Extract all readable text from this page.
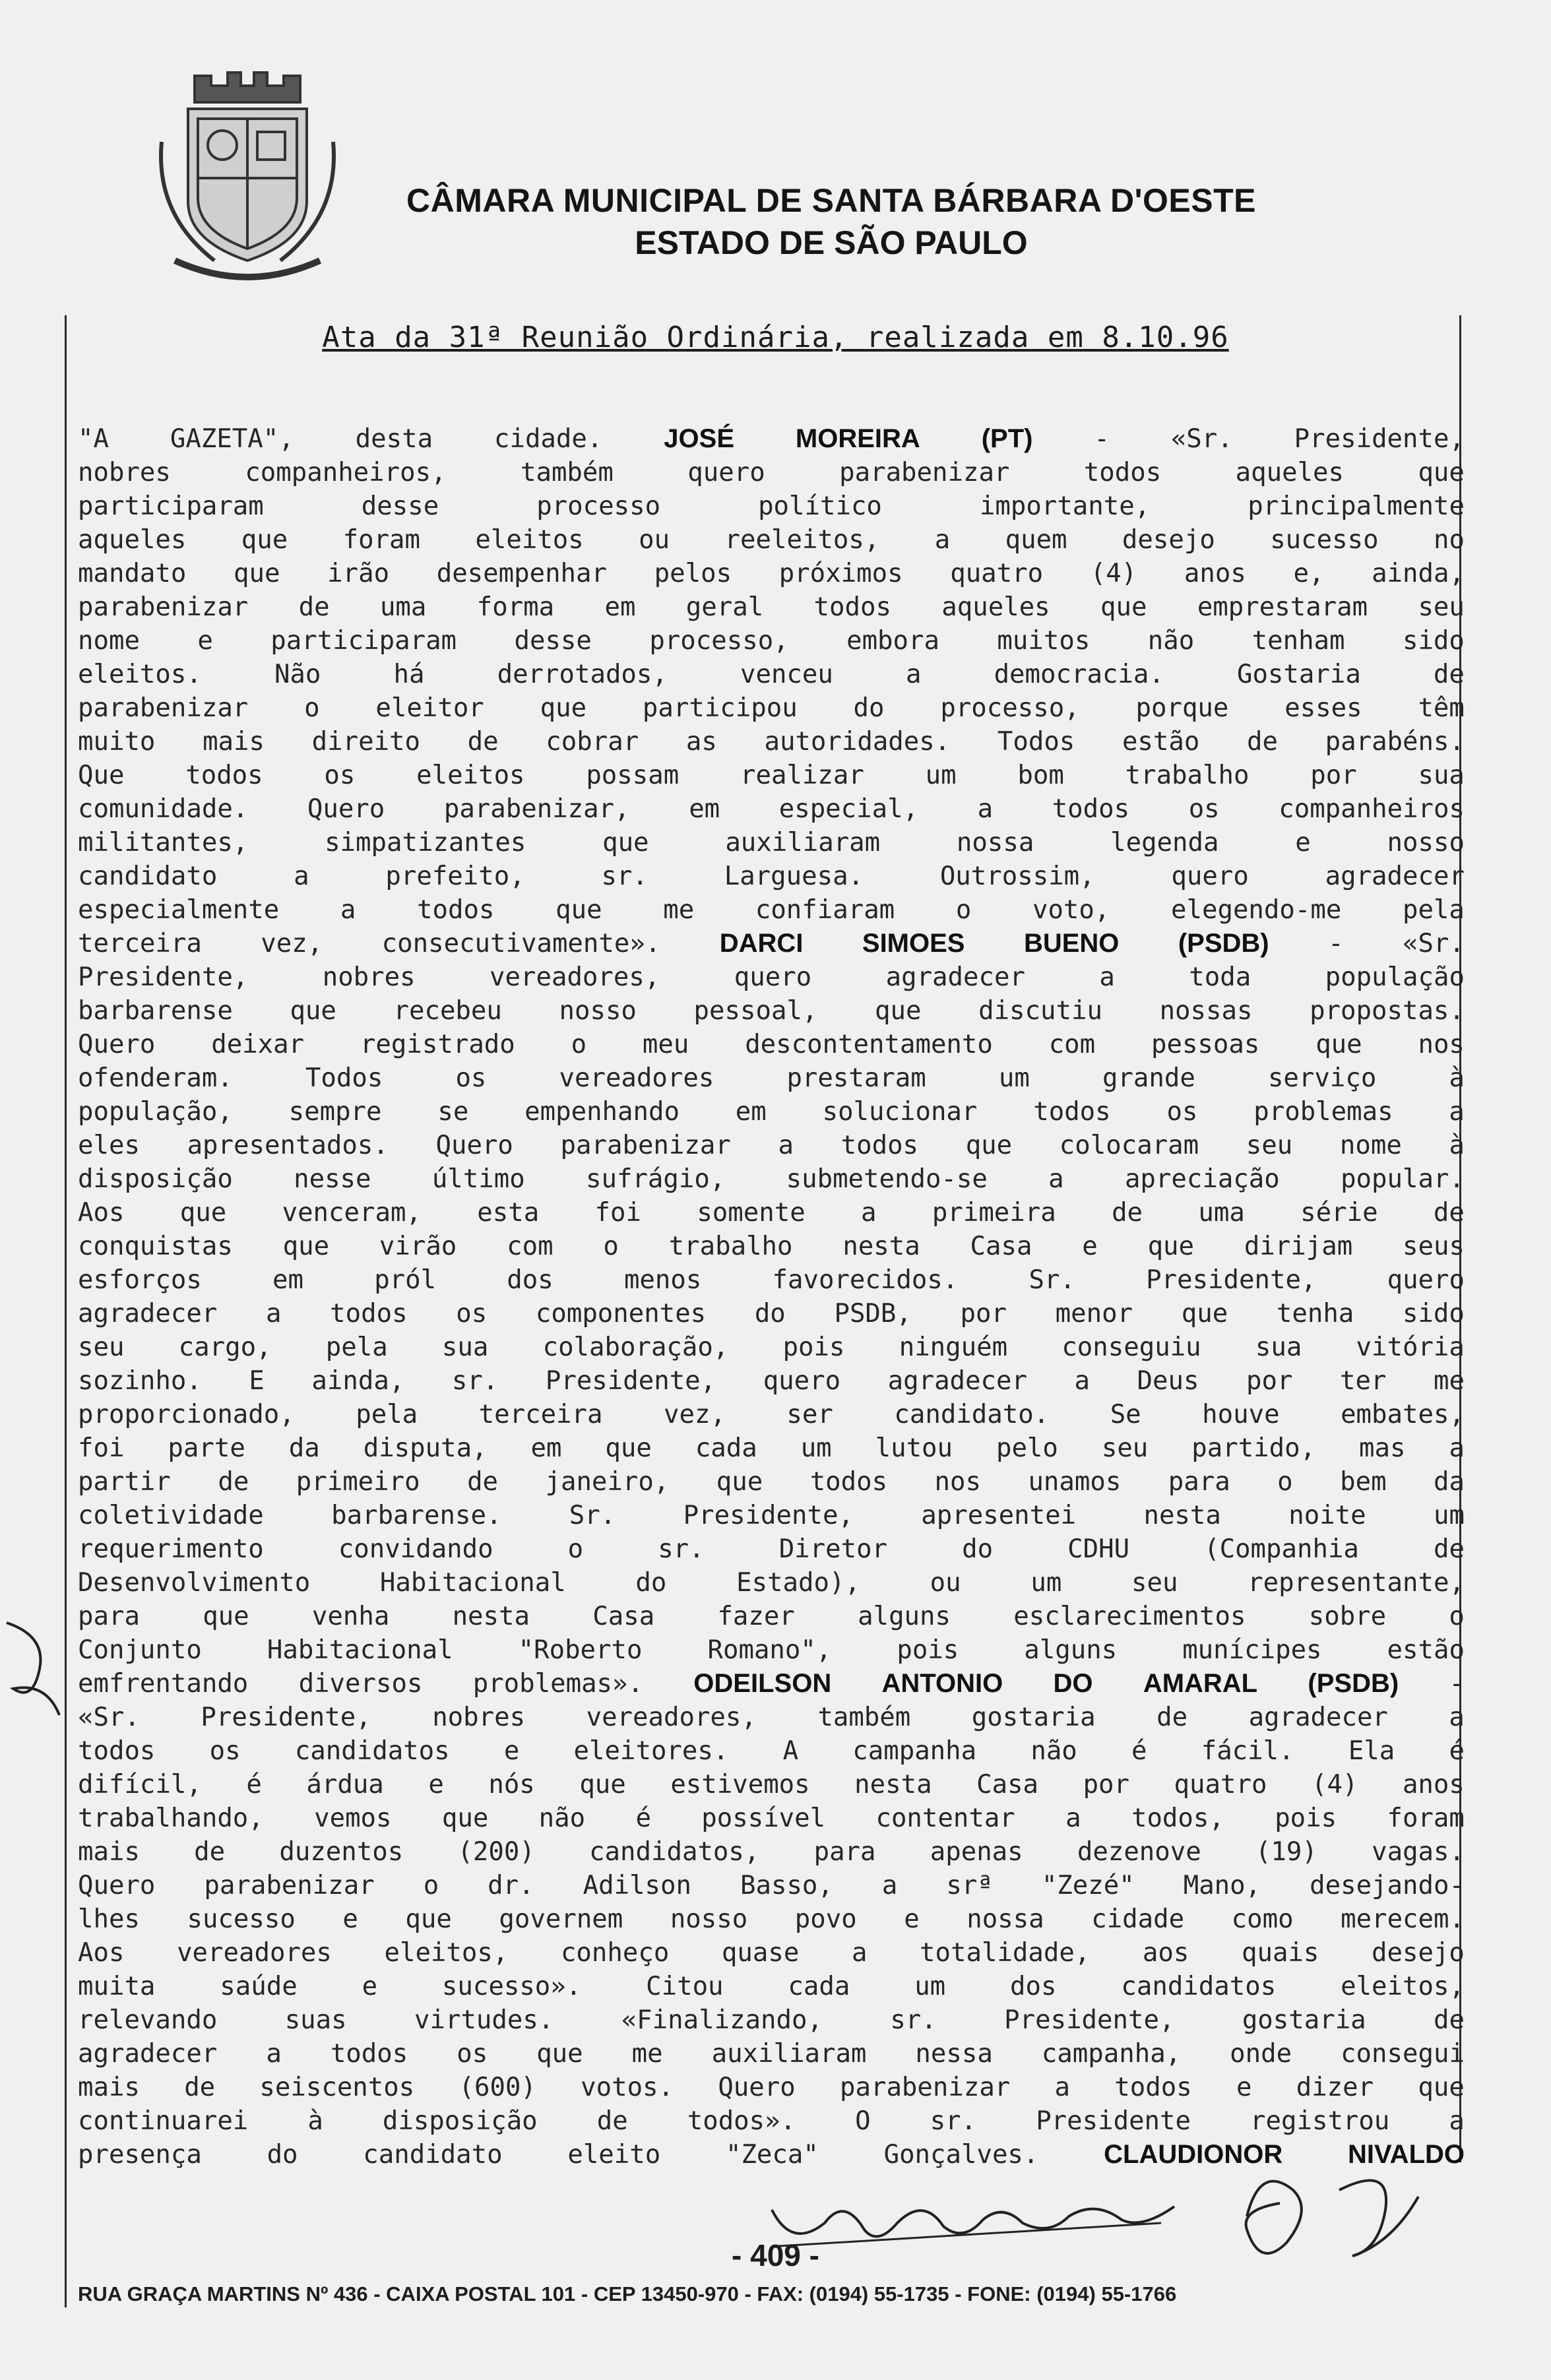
CÂMARA MUNICIPAL DE SANTA BÁRBARA D'OESTE
ESTADO DE SÃO PAULO
Ata da 31ª Reunião Ordinária, realizada em 8.10.96
"A GAZETA", desta cidade. JOSÉ MOREIRA (PT) - «Sr. Presidente,
nobres	companheiros,	também	quero	parabenizar	todos	aqueles	que
participaram	desse	processo	político	importante,	principalmente
aqueles que foram eleitos ou reeleitos, a quem desejo sucesso no
mandato que irão desempenhar pelos próximos quatro (4) anos e, ainda,
parabenizar de uma forma em geral todos aqueles que emprestaram seu
nome e participaram desse processo, embora muitos não tenham sido
eleitos.	Não	há	derrotados,	venceu	a	democracia.	Gostaria	de
parabenizar o eleitor que participou do processo, porque esses têm
muito mais direito de cobrar as autoridades. Todos estão de parabéns.
Que todos os eleitos possam realizar um bom trabalho por sua
comunidade. Quero parabenizar, em especial, a todos os companheiros
militantes,	simpatizantes	que	auxiliaram	nossa	legenda	e	nosso
candidato	a	prefeito,	sr.	Larguesa.	Outrossim,	quero	agradecer
especialmente a todos que me confiaram o voto, elegendo-me pela
terceira vez, consecutivamente». DARCI SIMOES BUENO (PSDB) - «Sr.
Presidente,	nobres	vereadores,	quero	agradecer	a	toda	população
barbarense que recebeu nosso pessoal, que discutiu nossas propostas.
Quero deixar registrado o meu descontentamento com pessoas que nos
ofenderam.	Todos	os	vereadores	prestaram	um	grande	serviço	à
população, sempre se empenhando em solucionar todos os problemas a
eles apresentados. Quero parabenizar a todos que colocaram seu nome à
disposição nesse último sufrágio, submetendo-se a apreciação popular.
Aos que venceram, esta foi somente a primeira de uma série de
conquistas que virão com o trabalho nesta Casa e que dirijam seus
esforços	em	pról	dos	menos	favorecidos.	Sr.	Presidente,	quero
agradecer a todos os componentes do PSDB, por menor que tenha sido
seu cargo, pela sua colaboração, pois ninguém conseguiu sua vitória
sozinho. E ainda, sr. Presidente, quero agradecer a Deus por ter me
proporcionado, pela terceira vez, ser candidato. Se houve embates,
foi parte da disputa, em que cada um lutou pelo seu partido, mas a
partir de primeiro de janeiro, que todos nos unamos para o bem da
coletividade	barbarense.	Sr.	Presidente,	apresentei	nesta	noite	um
requerimento	convidando	o	sr.	Diretor	do	CDHU	(Companhia	de
Desenvolvimento	Habitacional	do	Estado),	ou	um	seu	representante,
para que venha nesta Casa fazer alguns esclarecimentos sobre o
Conjunto	Habitacional	"Roberto	Romano",	pois	alguns	munícipes	estão
emfrentando diversos problemas». ODEILSON ANTONIO DO AMARAL (PSDB) -
«Sr. Presidente, nobres vereadores, também gostaria de agradecer a
todos os candidatos e eleitores. A campanha não é fácil. Ela é
difícil, é árdua e nós que estivemos nesta Casa por quatro (4) anos
trabalhando, vemos que não é possível contentar a todos, pois foram
mais de duzentos (200) candidatos, para apenas dezenove (19) vagas.
Quero parabenizar o dr. Adilson Basso, a srª "Zezé" Mano, desejando-
lhes sucesso e que governem nosso povo e nossa cidade como merecem.
Aos vereadores eleitos, conheço quase a totalidade, aos quais desejo
muita	saúde	e	sucesso».	Citou	cada	um	dos	candidatos	eleitos,
relevando	suas	virtudes.	«Finalizando,	sr.	Presidente,	gostaria	de
agradecer a todos os que me auxiliaram nessa campanha, onde consegui
mais de seiscentos (600) votos. Quero parabenizar a todos e dizer que
continuarei à disposição de todos». O sr. Presidente registrou a
presença	do	candidato	eleito	"Zeca"	Gonçalves. CLAUDIONOR NIVALDO
- 409 -
RUA GRAÇA MARTINS Nº 436 - CAIXA POSTAL 101 - CEP 13450-970 - FAX: (0194) 55-1735 - FONE: (0194) 55-1766
